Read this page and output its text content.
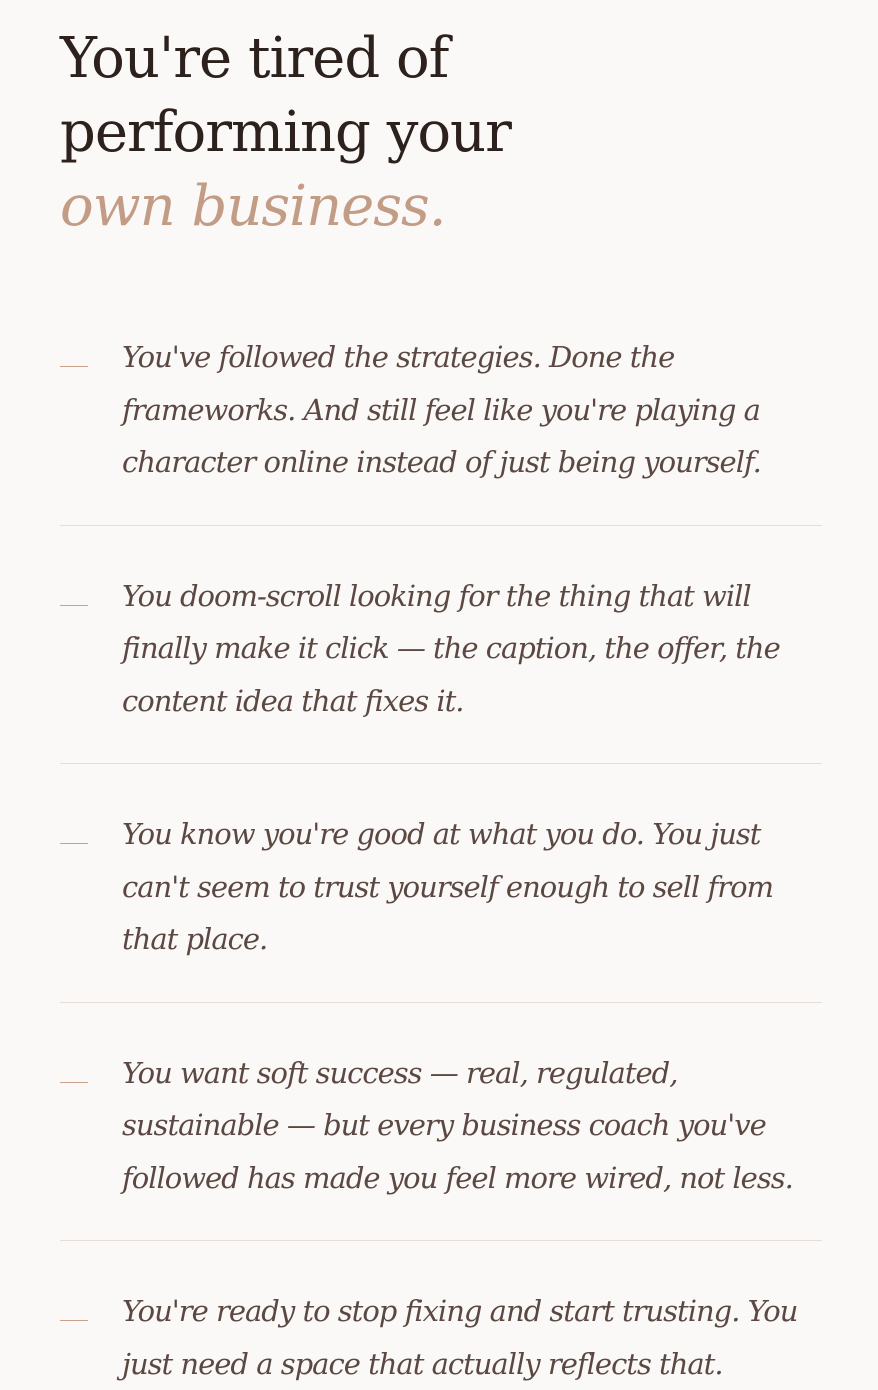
You're tired of
performing your
own business.

You've followed the strategies. Done the frameworks. And still feel like you're playing a character online instead of just being yourself.

You doom-scroll looking for the thing that will finally make it click — the caption, the offer, the content idea that fixes it.

You know you're good at what you do. You just can't seem to trust yourself enough to sell from that place.

You want soft success — real, regulated, sustainable — but every business coach you've followed has made you feel more wired, not less.

You're ready to stop fixing and start trusting. You just need a space that actually reflects that.
